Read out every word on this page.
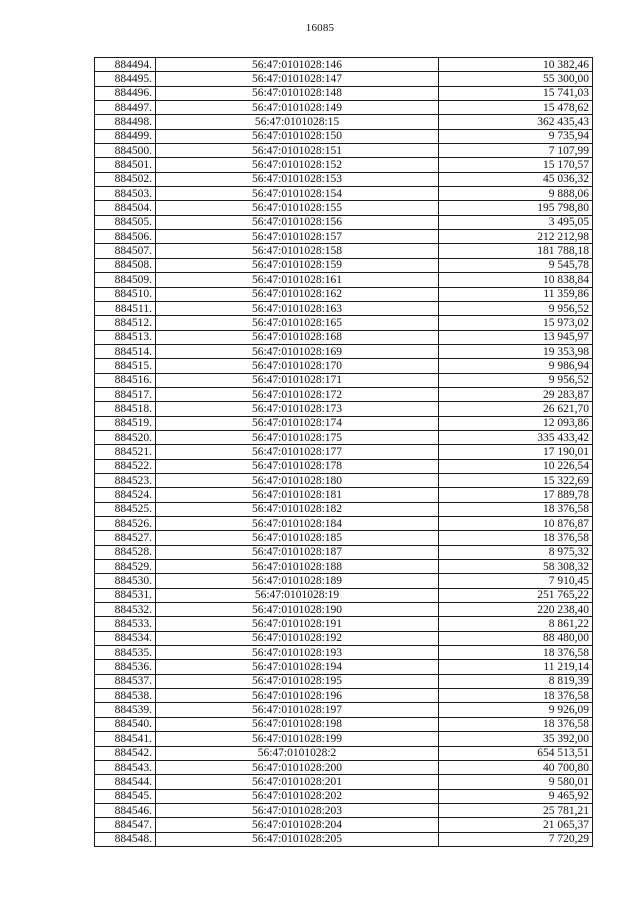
16085
884494.	56:47:0101028:146	10 382,46
884495.	56:47:0101028:147	55 300,00
884496.	56:47:0101028:148	15 741,03
884497.	56:47:0101028:149	15 478,62
884498.	56:47:0101028:15	362 435,43
884499.	56:47:0101028:150	9 735,94
884500.	56:47:0101028:151	7 107,99
884501.	56:47:0101028:152	15 170,57
884502.	56:47:0101028:153	45 036,32
884503.	56:47:0101028:154	9 888,06
884504.	56:47:0101028:155	195 798,80
884505.	56:47:0101028:156	3 495,05
884506.	56:47:0101028:157	212 212,98
884507.	56:47:0101028:158	181 788,18
884508.	56:47:0101028:159	9 545,78
884509.	56:47:0101028:161	10 838,84
884510.	56:47:0101028:162	11 359,86
884511.	56:47:0101028:163	9 956,52
884512.	56:47:0101028:165	15 973,02
884513.	56:47:0101028:168	13 945,97
884514.	56:47:0101028:169	19 353,98
884515.	56:47:0101028:170	9 986,94
884516.	56:47:0101028:171	9 956,52
884517.	56:47:0101028:172	29 283,87
884518.	56:47:0101028:173	26 621,70
884519.	56:47:0101028:174	12 093,86
884520.	56:47:0101028:175	335 433,42
884521.	56:47:0101028:177	17 190,01
884522.	56:47:0101028:178	10 226,54
884523.	56:47:0101028:180	15 322,69
884524.	56:47:0101028:181	17 889,78
884525.	56:47:0101028:182	18 376,58
884526.	56:47:0101028:184	10 876,87
884527.	56:47:0101028:185	18 376,58
884528.	56:47:0101028:187	8 975,32
884529.	56:47:0101028:188	58 308,32
884530.	56:47:0101028:189	7 910,45
884531.	56:47:0101028:19	251 765,22
884532.	56:47:0101028:190	220 238,40
884533.	56:47:0101028:191	8 861,22
884534.	56:47:0101028:192	88 480,00
884535.	56:47:0101028:193	18 376,58
884536.	56:47:0101028:194	11 219,14
884537.	56:47:0101028:195	8 819,39
884538.	56:47:0101028:196	18 376,58
884539.	56:47:0101028:197	9 926,09
884540.	56:47:0101028:198	18 376,58
884541.	56:47:0101028:199	35 392,00
884542.	56:47:0101028:2	654 513,51
884543.	56:47:0101028:200	40 700,80
884544.	56:47:0101028:201	9 580,01
884545.	56:47:0101028:202	9 465,92
884546.	56:47:0101028:203	25 781,21
884547.	56:47:0101028:204	21 065,37
884548.	56:47:0101028:205	7 720,29
